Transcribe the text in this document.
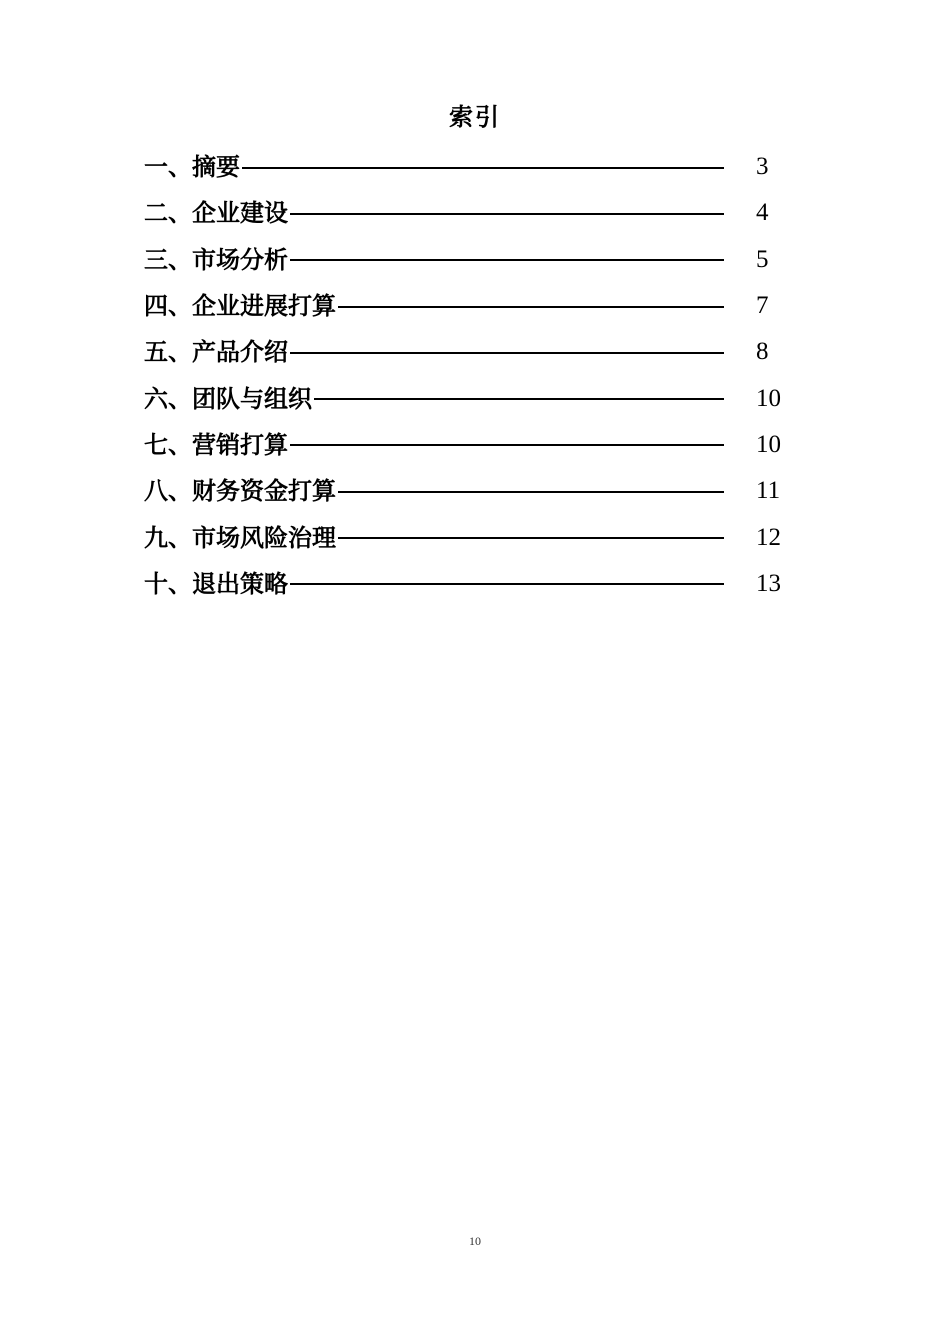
索引
一、摘要	3
二、企业建设	4
三、市场分析	5
四、企业进展打算	7
五、产品介绍	8
六、团队与组织	10
七、营销打算	10
八、财务资金打算	11
九、市场风险治理	12
十、退出策略	13
10
